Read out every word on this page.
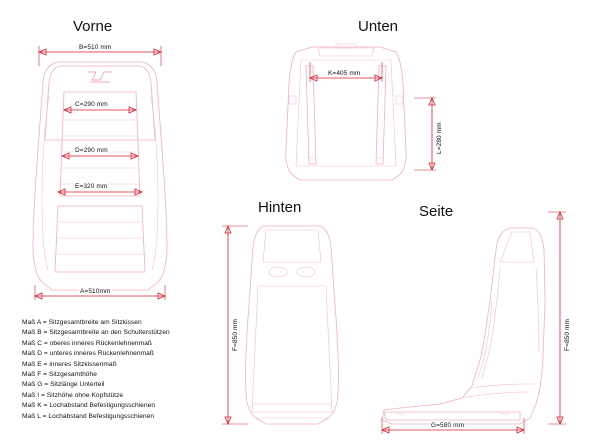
Vorne	Unten
Hinten	Seite
B=510 mm
C=290 mm
D=290 mm
E=320 mm
A=510mm
K=405 mm
L=280 mm
F=850 mm	F=850 mm
G=580 mm
Maß A = Sitzgesamtbreite am Sitzkissen
Maß B = Sitzgesamtbreite an den Schulterstützen
Maß C = oberes inneres Rückenlehnenmaß
Maß D = unteres inneres Rückenlehnenmaß
Maß E = inneres Sitzkissenmaß
Maß F = Sitzgesamthöhe
Maß G = Sitzlänge Unterteil
Maß I = Sitzhöhe ohne Kopfstütze
Maß K = Lochabstand Befestigungsschienen
Maß L = Lochabstand Befestigungsschienen
